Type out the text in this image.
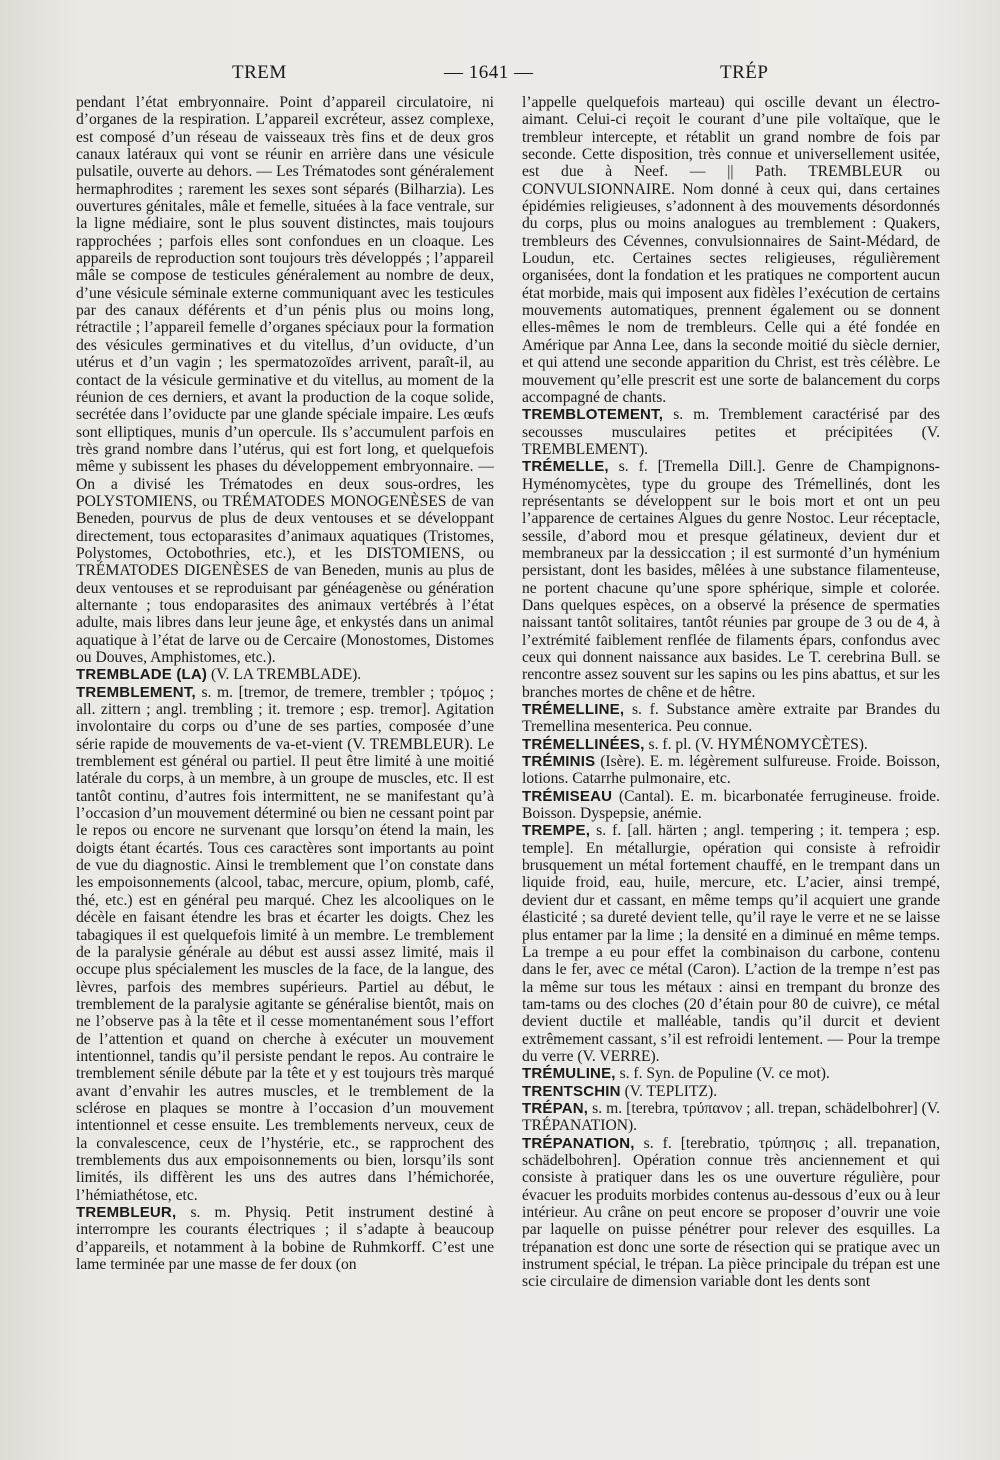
TREM	— 1641 —	TRÉP

pendant l’état embryonnaire. Point d’appareil circulatoire, ni d’organes de la respiration. L’appareil excréteur, assez complexe, est composé d’un réseau de vaisseaux très fins et de deux gros canaux latéraux qui vont se réunir en arrière dans une vésicule pulsatile, ouverte au dehors. — Les Trématodes sont généralement hermaphrodites ; rarement les sexes sont séparés (Bilharzia). Les ouvertures génitales, mâle et femelle, situées à la face ventrale, sur la ligne médiaire, sont le plus souvent distinctes, mais toujours rapprochées ; parfois elles sont confondues en un cloaque. Les appareils de reproduction sont toujours très développés ; l’appareil mâle se compose de testicules généralement au nombre de deux, d’une vésicule séminale externe communiquant avec les testicules par des canaux déférents et d’un pénis plus ou moins long, rétractile ; l’appareil femelle d’organes spéciaux pour la formation des vésicules germinatives et du vitellus, d’un oviducte, d’un utérus et d’un vagin ; les spermatozoïdes arrivent, paraît-il, au contact de la vésicule germinative et du vitellus, au moment de la réunion de ces derniers, et avant la production de la coque solide, secrétée dans l’oviducte par une glande spéciale impaire. Les œufs sont elliptiques, munis d’un opercule. Ils s’accumulent parfois en très grand nombre dans l’utérus, qui est fort long, et quelquefois même y subissent les phases du développement embryonnaire. — On a divisé les Trématodes en deux sous-ordres, les POLYSTOMIENS, ou TRÉMATODES MONOGENÈSES de van Beneden, pourvus de plus de deux ventouses et se développant directement, tous ectoparasites d’animaux aquatiques (Tristomes, Polystomes, Octobothries, etc.), et les DISTOMIENS, ou TRÉMATODES DIGENÈSES de van Beneden, munis au plus de deux ventouses et se reproduisant par généagenèse ou génération alternante ; tous endoparasites des animaux vertébrés à l’état adulte, mais libres dans leur jeune âge, et enkystés dans un animal aquatique à l’état de larve ou de Cercaire (Monostomes, Distomes ou Douves, Amphistomes, etc.).

TREMBLADE (LA) (V. LA TREMBLADE).

TREMBLEMENT, s. m. [tremor, de tremere, trembler ; τρόμος ; all. zittern ; angl. trembling ; it. tremore ; esp. tremor]. Agitation involontaire du corps ou d’une de ses parties, composée d’une série rapide de mouvements de va-et-vient (V. TREMBLEUR). Le tremblement est général ou partiel. Il peut être limité à une moitié latérale du corps, à un membre, à un groupe de muscles, etc. Il est tantôt continu, d’autres fois intermittent, ne se manifestant qu’à l’occasion d’un mouvement déterminé ou bien ne cessant point par le repos ou encore ne survenant que lorsqu’on étend la main, les doigts étant écartés. Tous ces caractères sont importants au point de vue du diagnostic. Ainsi le tremblement que l’on constate dans les empoisonnements (alcool, tabac, mercure, opium, plomb, café, thé, etc.) est en général peu marqué. Chez les alcooliques on le décèle en faisant étendre les bras et écarter les doigts. Chez les tabagiques il est quelquefois limité à un membre. Le tremblement de la paralysie générale au début est aussi assez limité, mais il occupe plus spécialement les muscles de la face, de la langue, des lèvres, parfois des membres supérieurs. Partiel au début, le tremblement de la paralysie agitante se généralise bientôt, mais on ne l’observe pas à la tête et il cesse momentanément sous l’effort de l’attention et quand on cherche à exécuter un mouvement intentionnel, tandis qu’il persiste pendant le repos. Au contraire le tremblement sénile débute par la tête et y est toujours très marqué avant d’envahir les autres muscles, et le tremblement de la sclérose en plaques se montre à l’occasion d’un mouvement intentionnel et cesse ensuite. Les tremblements nerveux, ceux de la convalescence, ceux de l’hystérie, etc., se rapprochent des tremblements dus aux empoisonnements ou bien, lorsqu’ils sont limités, ils diffèrent les uns des autres dans l’hémichorée, l’hémiathétose, etc.

TREMBLEUR, s. m. Physiq. Petit instrument destiné à interrompre les courants électriques ; il s’adapte à beaucoup d’appareils, et notamment à la bobine de Ruhmkorff. C’est une lame terminée par une masse de fer doux (on

l’appelle quelquefois marteau) qui oscille devant un électro-aimant. Celui-ci reçoit le courant d’une pile voltaïque, que le trembleur intercepte, et rétablit un grand nombre de fois par seconde. Cette disposition, très connue et universellement usitée, est due à Neef. — || Path. TREMBLEUR ou CONVULSIONNAIRE. Nom donné à ceux qui, dans certaines épidémies religieuses, s’adonnent à des mouvements désordonnés du corps, plus ou moins analogues au tremblement : Quakers, trembleurs des Cévennes, convulsionnaires de Saint-Médard, de Loudun, etc. Certaines sectes religieuses, régulièrement organisées, dont la fondation et les pratiques ne comportent aucun état morbide, mais qui imposent aux fidèles l’exécution de certains mouvements automatiques, prennent également ou se donnent elles-mêmes le nom de trembleurs. Celle qui a été fondée en Amérique par Anna Lee, dans la seconde moitié du siècle dernier, et qui attend une seconde apparition du Christ, est très célèbre. Le mouvement qu’elle prescrit est une sorte de balancement du corps accompagné de chants.

TREMBLOTEMENT, s. m. Tremblement caractérisé par des secousses musculaires petites et précipitées (V. TREMBLEMENT).

TRÉMELLE, s. f. [Tremella Dill.]. Genre de Champignons-Hyménomycètes, type du groupe des Trémellinés, dont les représentants se développent sur le bois mort et ont un peu l’apparence de certaines Algues du genre Nostoc. Leur réceptacle, sessile, d’abord mou et presque gélatineux, devient dur et membraneux par la dessiccation ; il est surmonté d’un hyménium persistant, dont les basides, mêlées à une substance filamenteuse, ne portent chacune qu’une spore sphérique, simple et colorée. Dans quelques espèces, on a observé la présence de spermaties naissant tantôt solitaires, tantôt réunies par groupe de 3 ou de 4, à l’extrémité faiblement renflée de filaments épars, confondus avec ceux qui donnent naissance aux basides. Le T. cerebrina Bull. se rencontre assez souvent sur les sapins ou les pins abattus, et sur les branches mortes de chêne et de hêtre.

TRÉMELLINE, s. f. Substance amère extraite par Brandes du Tremellina mesenterica. Peu connue.

TRÉMELLINÉES, s. f. pl. (V. HYMÉNOMYCÈTES).

TRÉMINIS (Isère). E. m. légèrement sulfureuse. Froide. Boisson, lotions. Catarrhe pulmonaire, etc.

TRÉMISEAU (Cantal). E. m. bicarbonatée ferrugineuse. froide. Boisson. Dyspepsie, anémie.

TREMPE, s. f. [all. härten ; angl. tempering ; it. tempera ; esp. temple]. En métallurgie, opération qui consiste à refroidir brusquement un métal fortement chauffé, en le trempant dans un liquide froid, eau, huile, mercure, etc. L’acier, ainsi trempé, devient dur et cassant, en même temps qu’il acquiert une grande élasticité ; sa dureté devient telle, qu’il raye le verre et ne se laisse plus entamer par la lime ; la densité en a diminué en même temps. La trempe a eu pour effet la combinaison du carbone, contenu dans le fer, avec ce métal (Caron). L’action de la trempe n’est pas la même sur tous les métaux : ainsi en trempant du bronze des tam-tams ou des cloches (20 d’étain pour 80 de cuivre), ce métal devient ductile et malléable, tandis qu’il durcit et devient extrêmement cassant, s’il est refroidi lentement. — Pour la trempe du verre (V. VERRE).

TRÉMULINE, s. f. Syn. de Populine (V. ce mot).

TRENTSCHIN (V. TEPLITZ).

TRÉPAN, s. m. [terebra, τρύπανον ; all. trepan, schädelbohrer] (V. TRÉPANATION).

TRÉPANATION, s. f. [terebratio, τρύπησις ; all. trepanation, schädelbohren]. Opération connue très anciennement et qui consiste à pratiquer dans les os une ouverture régulière, pour évacuer les produits morbides contenus au-dessous d’eux ou à leur intérieur. Au crâne on peut encore se proposer d’ouvrir une voie par laquelle on puisse pénétrer pour relever des esquilles. La trépanation est donc une sorte de résection qui se pratique avec un instrument spécial, le trépan. La pièce principale du trépan est une scie circulaire de dimension variable dont les dents sont
